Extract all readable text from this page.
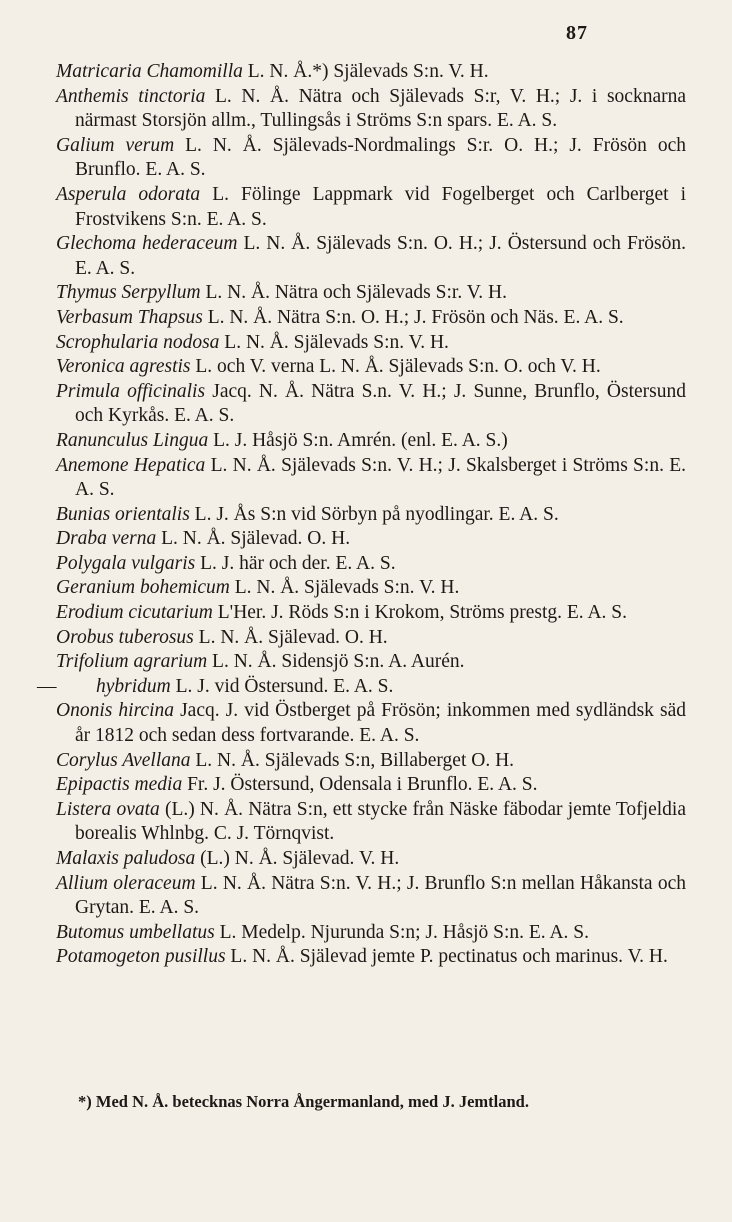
87

Matricaria Chamomilla L. N. Å.*) Själevads S:n. V. H.

Anthemis tinctoria L. N. Å. Nätra och Själevads S:r, V. H.; J. i socknarna närmast Storsjön allm., Tullingsås i Ströms S:n spars. E. A. S.

Galium verum L. N. Å. Själevads-Nordmalings S:r. O. H.; J. Frösön och Brunflo. E. A. S.

Asperula odorata L. Fölinge Lappmark vid Fogelberget och Carlberget i Frostvikens S:n. E. A. S.

Glechoma hederaceum L. N. Å. Själevads S:n. O. H.; J. Östersund och Frösön. E. A. S.

Thymus Serpyllum L. N. Å. Nätra och Själevads S:r. V. H.

Verbasum Thapsus L. N. Å. Nätra S:n. O. H.; J. Frösön och Näs. E. A. S.

Scrophularia nodosa L. N. Å. Själevads S:n. V. H.

Veronica agrestis L. och V. verna L. N. Å. Själevads S:n. O. och V. H.

Primula officinalis Jacq. N. Å. Nätra S.n. V. H.; J. Sunne, Brunflo, Östersund och Kyrkås. E. A. S.

Ranunculus Lingua L. J. Håsjö S:n. Amrén. (enl. E. A. S.)

Anemone Hepatica L. N. Å. Själevads S:n. V. H.; J. Skalsberget i Ströms S:n. E. A. S.

Bunias orientalis L. J. Ås S:n vid Sörbyn på nyodlingar. E. A. S.

Draba verna L. N. Å. Själevad. O. H.

Polygala vulgaris L. J. här och der. E. A. S.

Geranium bohemicum L. N. Å. Själevads S:n. V. H.

Erodium cicutarium L'Her. J. Röds S:n i Krokom, Ströms prestg. E. A. S.

Orobus tuberosus L. N. Å. Själevad. O. H.

Trifolium agrarium L. N. Å. Sidensjö S:n. A. Aurén.

— hybridum L. J. vid Östersund. E. A. S.

Ononis hircina Jacq. J. vid Östberget på Frösön; inkommen med sydländsk säd år 1812 och sedan dess fortvarande. E. A. S.

Corylus Avellana L. N. Å. Själevads S:n, Billaberget O. H.

Epipactis media Fr. J. Östersund, Odensala i Brunflo. E. A. S.

Listera ovata (L.) N. Å. Nätra S:n, ett stycke från Näske fäbodar jemte Tofjeldia borealis Whlnbg. C. J. Törnqvist.

Malaxis paludosa (L.) N. Å. Själevad. V. H.

Allium oleraceum L. N. Å. Nätra S:n. V. H.; J. Brunflo S:n mellan Håkansta och Grytan. E. A. S.

Butomus umbellatus L. Medelp. Njurunda S:n; J. Håsjö S:n. E. A. S.

Potamogeton pusillus L. N. Å. Själevad jemte P. pectinatus och marinus. V. H.

*) Med N. Å. betecknas Norra Ångermanland, med J. Jemtland.
